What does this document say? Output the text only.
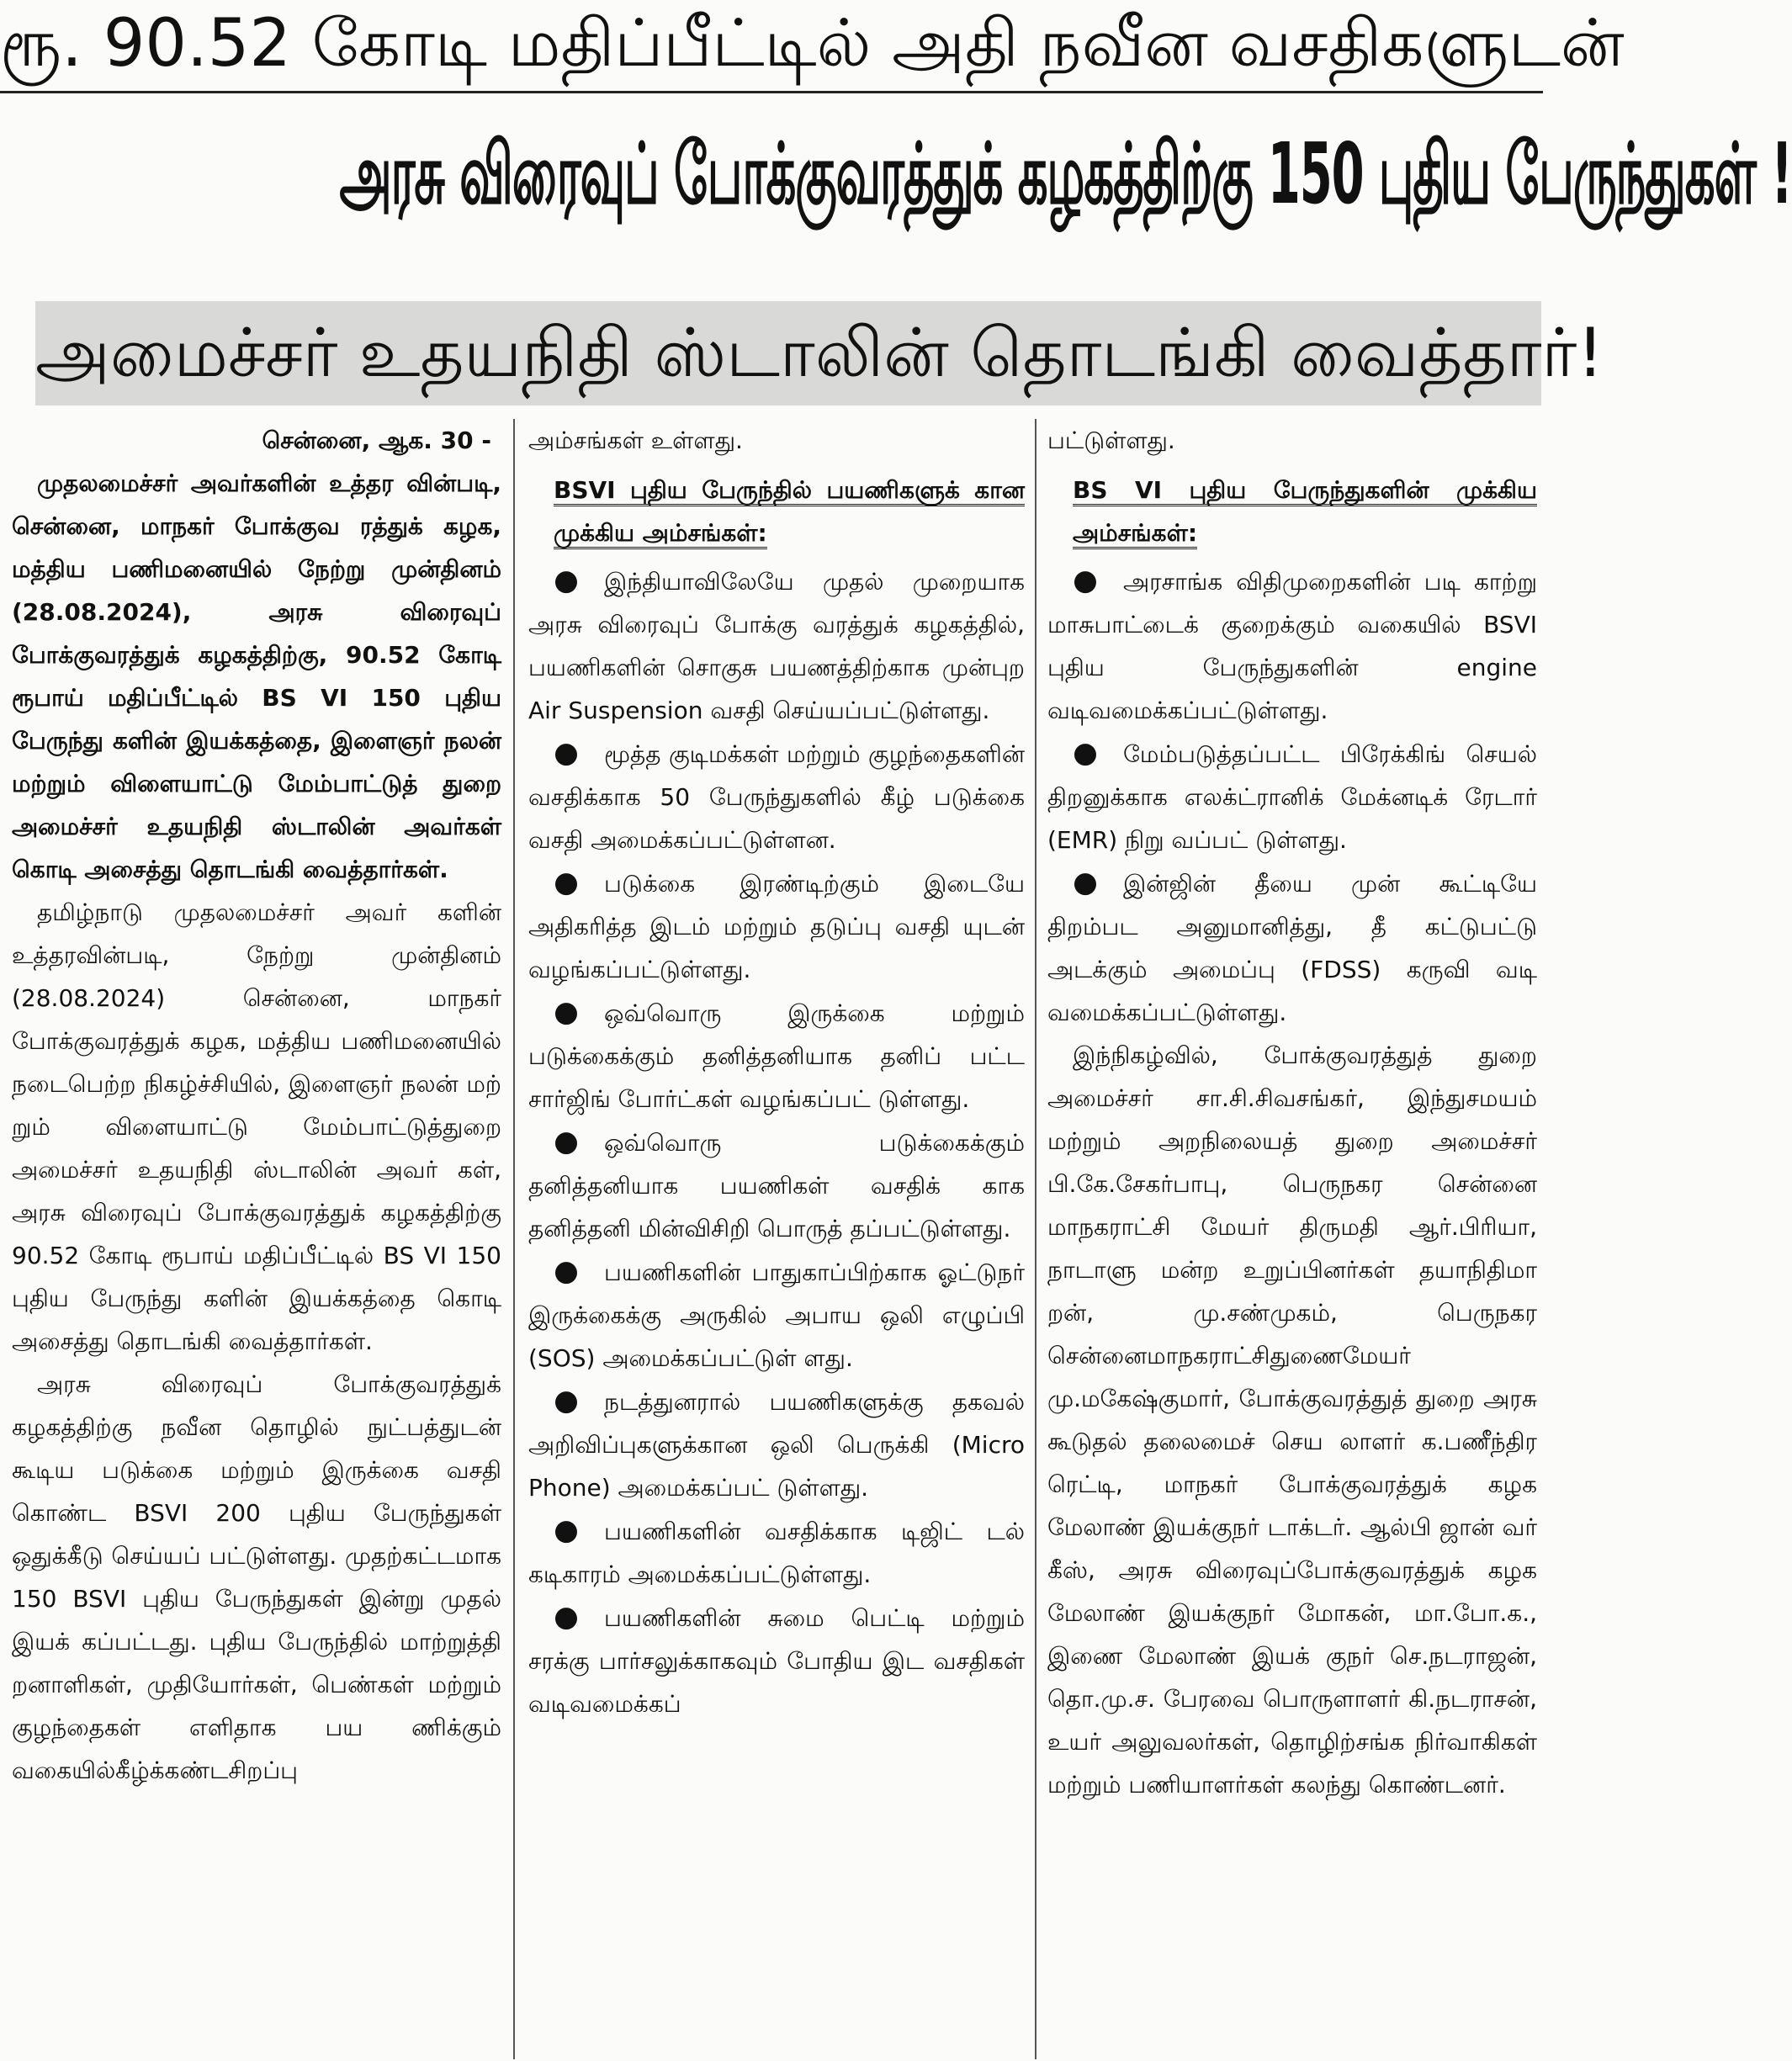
ரூ. 90.52 கோடி மதிப்பீட்டில் அதி நவீன வசதிகளுடன்
அரசு விரைவுப் போக்குவரத்துக் கழகத்திற்கு 150 புதிய பேருந்துகள் !
அமைச்சர் உதயநிதி ஸ்டாலின் தொடங்கி வைத்தார்!
சென்னை, ஆக. 30 -

முதலமைச்சர் அவர்களின் உத்தர வின்படி, சென்னை, மாநகர் போக்குவ ரத்துக் கழக, மத்திய பணிமனையில் நேற்று முன்தினம் (28.08.2024), அரசு விரைவுப் போக்குவரத்துக் கழகத்திற்கு, 90.52 கோடி ரூபாய் மதிப்பீட்டில் BS VI 150 புதிய பேருந்து களின் இயக்கத்தை, இளைஞர் நலன் மற்றும் விளையாட்டு மேம்பாட்டுத் துறை அமைச்சர் உதயநிதி ஸ்டாலின் அவர்கள் கொடி அசைத்து தொடங்கி வைத்தார்கள்.

தமிழ்நாடு முதலமைச்சர் அவர் களின் உத்தரவின்படி, நேற்று முன்தினம் (28.08.2024) சென்னை, மாநகர் போக்குவரத்துக் கழக, மத்திய பணிமனையில் நடைபெற்ற நிகழ்ச்சியில், இளைஞர் நலன் மற் றும் விளையாட்டு மேம்பாட்டுத்துறை அமைச்சர் உதயநிதி ஸ்டாலின் அவர் கள், அரசு விரைவுப் போக்குவரத்துக் கழகத்திற்கு 90.52 கோடி ரூபாய் மதிப்பீட்டில் BS VI 150 புதிய பேருந்து களின் இயக்கத்தை கொடி அசைத்து தொடங்கி வைத்தார்கள்.

அரசு விரைவுப் போக்குவரத்துக் கழகத்திற்கு நவீன தொழில் நுட்பத்துடன் கூடிய படுக்கை மற்றும் இருக்கை வசதி கொண்ட BSVI 200 புதிய பேருந்துகள் ஒதுக்கீடு செய்யப் பட்டுள்ளது. முதற்கட்டமாக 150 BSVI புதிய பேருந்துகள் இன்று முதல் இயக் கப்பட்டது. புதிய பேருந்தில் மாற்றுத்தி றனாளிகள், முதியோர்கள், பெண்கள் மற்றும் குழந்தைகள் எளிதாக பய ணிக்கும் வகையில்கீழ்க்கண்டசிறப்பு

அம்சங்கள் உள்ளது.

BSVI புதிய பேருந்தில் பயணிகளுக் கான முக்கிய அம்சங்கள்:

● இந்தியாவிலேயே முதல் முறையாக அரசு விரைவுப் போக்கு வரத்துக் கழகத்தில், பயணிகளின் சொகுசு பயணத்திற்காக முன்புற Air Suspension வசதி செய்யப்பட்டுள்ளது.

● மூத்த குடிமக்கள் மற்றும் குழந்தைகளின் வசதிக்காக 50 பேருந்துகளில் கீழ் படுக்கை வசதி அமைக்கப்பட்டுள்ளன.

● படுக்கை இரண்டிற்கும் இடையே அதிகரித்த இடம் மற்றும் தடுப்பு வசதி யுடன் வழங்கப்பட்டுள்ளது.

● ஒவ்வொரு இருக்கை மற்றும் படுக்கைக்கும் தனித்தனியாக தனிப் பட்ட சார்ஜிங் போர்ட்கள் வழங்கப்பட் டுள்ளது.

● ஒவ்வொரு படுக்கைக்கும் தனித்தனியாக பயணிகள் வசதிக் காக தனித்தனி மின்விசிறி பொருத் தப்பட்டுள்ளது.

● பயணிகளின் பாதுகாப்பிற்காக ஓட்டுநர் இருக்கைக்கு அருகில் அபாய ஒலி எழுப்பி (SOS) அமைக்கப்பட்டுள் ளது.

● நடத்துனரால் பயணிகளுக்கு தகவல் அறிவிப்புகளுக்கான ஒலி பெருக்கி (Micro Phone) அமைக்கப்பட் டுள்ளது.

● பயணிகளின் வசதிக்காக டிஜிட் டல் கடிகாரம் அமைக்கப்பட்டுள்ளது.

● பயணிகளின் சுமை பெட்டி மற்றும் சரக்கு பார்சலுக்காகவும் போதிய இட வசதிகள் வடிவமைக்கப்

பட்டுள்ளது.

BS VI புதிய பேருந்துகளின் முக்கிய அம்சங்கள்:

● அரசாங்க விதிமுறைகளின் படி காற்று மாசுபாட்டைக் குறைக்கும் வகையில் BSVI புதிய பேருந்துகளின் engine வடிவமைக்கப்பட்டுள்ளது.

● மேம்படுத்தப்பட்ட பிரேக்கிங் செயல் திறனுக்காக எலக்ட்ரானிக் மேக்னடிக் ரேடார் (EMR) நிறு வப்பட் டுள்ளது.

● இன்ஜின் தீயை முன் கூட்டியே திறம்பட அனுமானித்து, தீ கட்டுபட்டு அடக்கும் அமைப்பு (FDSS) கருவி வடி வமைக்கப்பட்டுள்ளது.

இந்நிகழ்வில், போக்குவரத்துத் துறை அமைச்சர் சா.சி.சிவசங்கர், இந்துசமயம் மற்றும் அறநிலையத் துறை அமைச்சர் பி.கே.சேகர்பாபு, பெருநகர சென்னை மாநகராட்சி மேயர் திருமதி ஆர்.பிரியா, நாடாளு மன்ற உறுப்பினர்கள் தயாநிதிமா றன், மு.சண்முகம், பெருநகர சென்னைமாநகராட்சிதுணைமேயர் மு.மகேஷ்குமார், போக்குவரத்துத் துறை அரசு கூடுதல் தலைமைச் செய லாளர் க.பணீந்திர ரெட்டி, மாநகர் போக்குவரத்துக் கழக மேலாண் இயக்குநர் டாக்டர். ஆல்பி ஜான் வர் கீஸ், அரசு விரைவுப்போக்குவரத்துக் கழக மேலாண் இயக்குநர் மோகன், மா.போ.க., இணை மேலாண் இயக் குநர் செ.நடராஜன், தொ.மு.ச. பேரவை பொருளாளர் கி.நடராசன், உயர் அலுவலர்கள், தொழிற்சங்க நிர்வாகிகள் மற்றும் பணியாளர்கள் கலந்து கொண்டனர்.
